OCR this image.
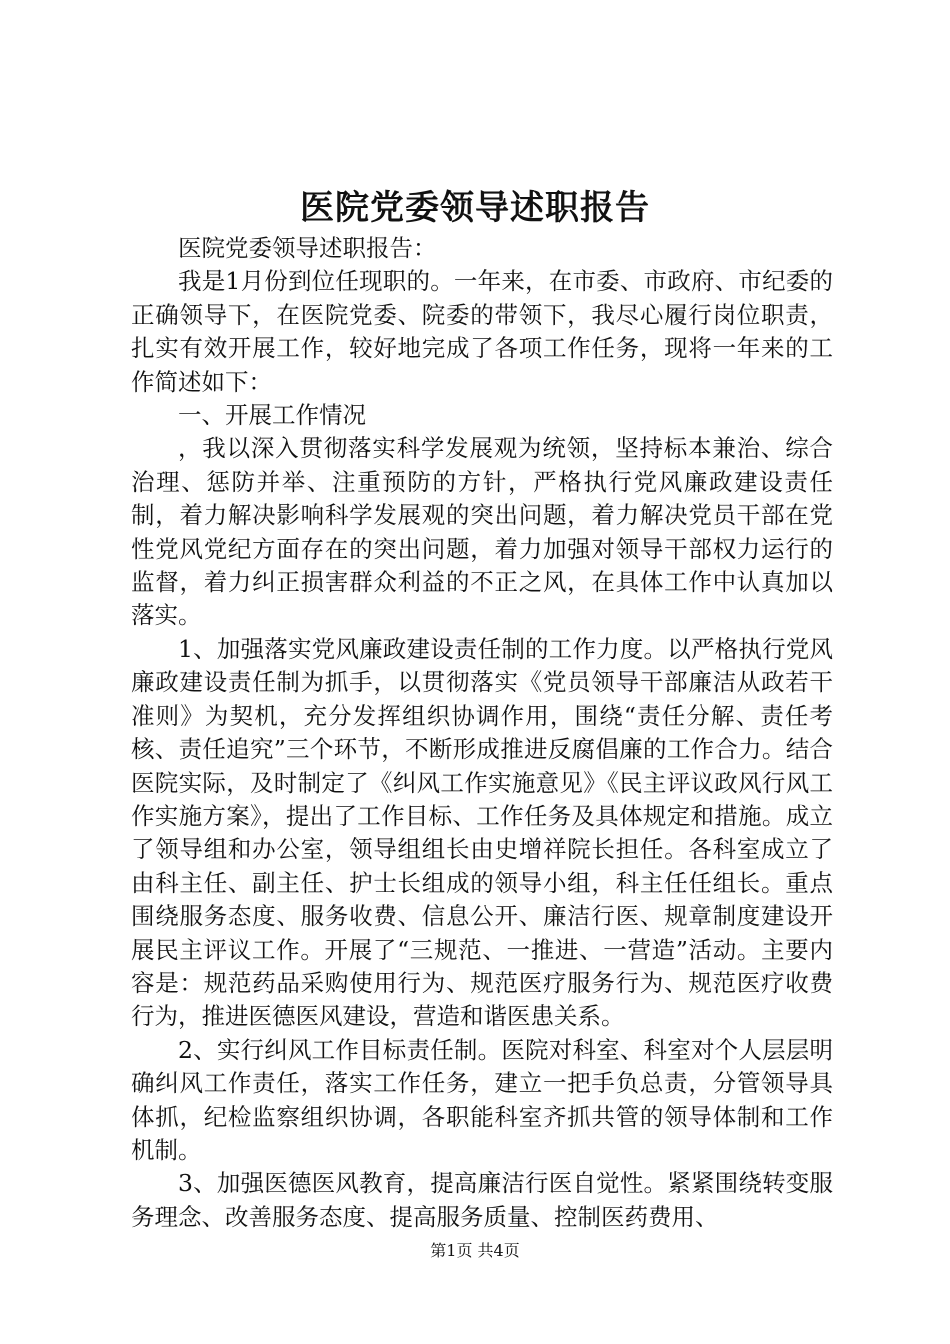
医院党委领导述职报告

医院党委领导述职报告：

我是1月份到位任现职的。一年来，在市委、市政府、市纪委的正确领导下，在医院党委、院委的带领下，我尽心履行岗位职责，扎实有效开展工作，较好地完成了各项工作任务，现将一年来的工作简述如下：

一、开展工作情况

，我以深入贯彻落实科学发展观为统领，坚持标本兼治、综合治理、惩防并举、注重预防的方针，严格执行党风廉政建设责任制，着力解决影响科学发展观的突出问题，着力解决党员干部在党性党风党纪方面存在的突出问题，着力加强对领导干部权力运行的监督，着力纠正损害群众利益的不正之风，在具体工作中认真加以落实。

1、加强落实党风廉政建设责任制的工作力度。以严格执行党风廉政建设责任制为抓手，以贯彻落实《党员领导干部廉洁从政若干准则》为契机，充分发挥组织协调作用，围绕“责任分解、责任考核、责任追究”三个环节，不断形成推进反腐倡廉的工作合力。结合医院实际，及时制定了《纠风工作实施意见》《民主评议政风行风工作实施方案》，提出了工作目标、工作任务及具体规定和措施。成立了领导组和办公室，领导组组长由史增祥院长担任。各科室成立了由科主任、副主任、护士长组成的领导小组，科主任任组长。重点围绕服务态度、服务收费、信息公开、廉洁行医、规章制度建设开展民主评议工作。开展了“三规范、一推进、一营造”活动。主要内容是：规范药品采购使用行为、规范医疗服务行为、规范医疗收费行为，推进医德医风建设，营造和谐医患关系。

2、实行纠风工作目标责任制。医院对科室、科室对个人层层明确纠风工作责任，落实工作任务，建立一把手负总责，分管领导具体抓，纪检监察组织协调，各职能科室齐抓共管的领导体制和工作机制。

3、加强医德医风教育，提高廉洁行医自觉性。紧紧围绕转变服务理念、改善服务态度、提高服务质量、控制医药费用、

第1页 共4页
